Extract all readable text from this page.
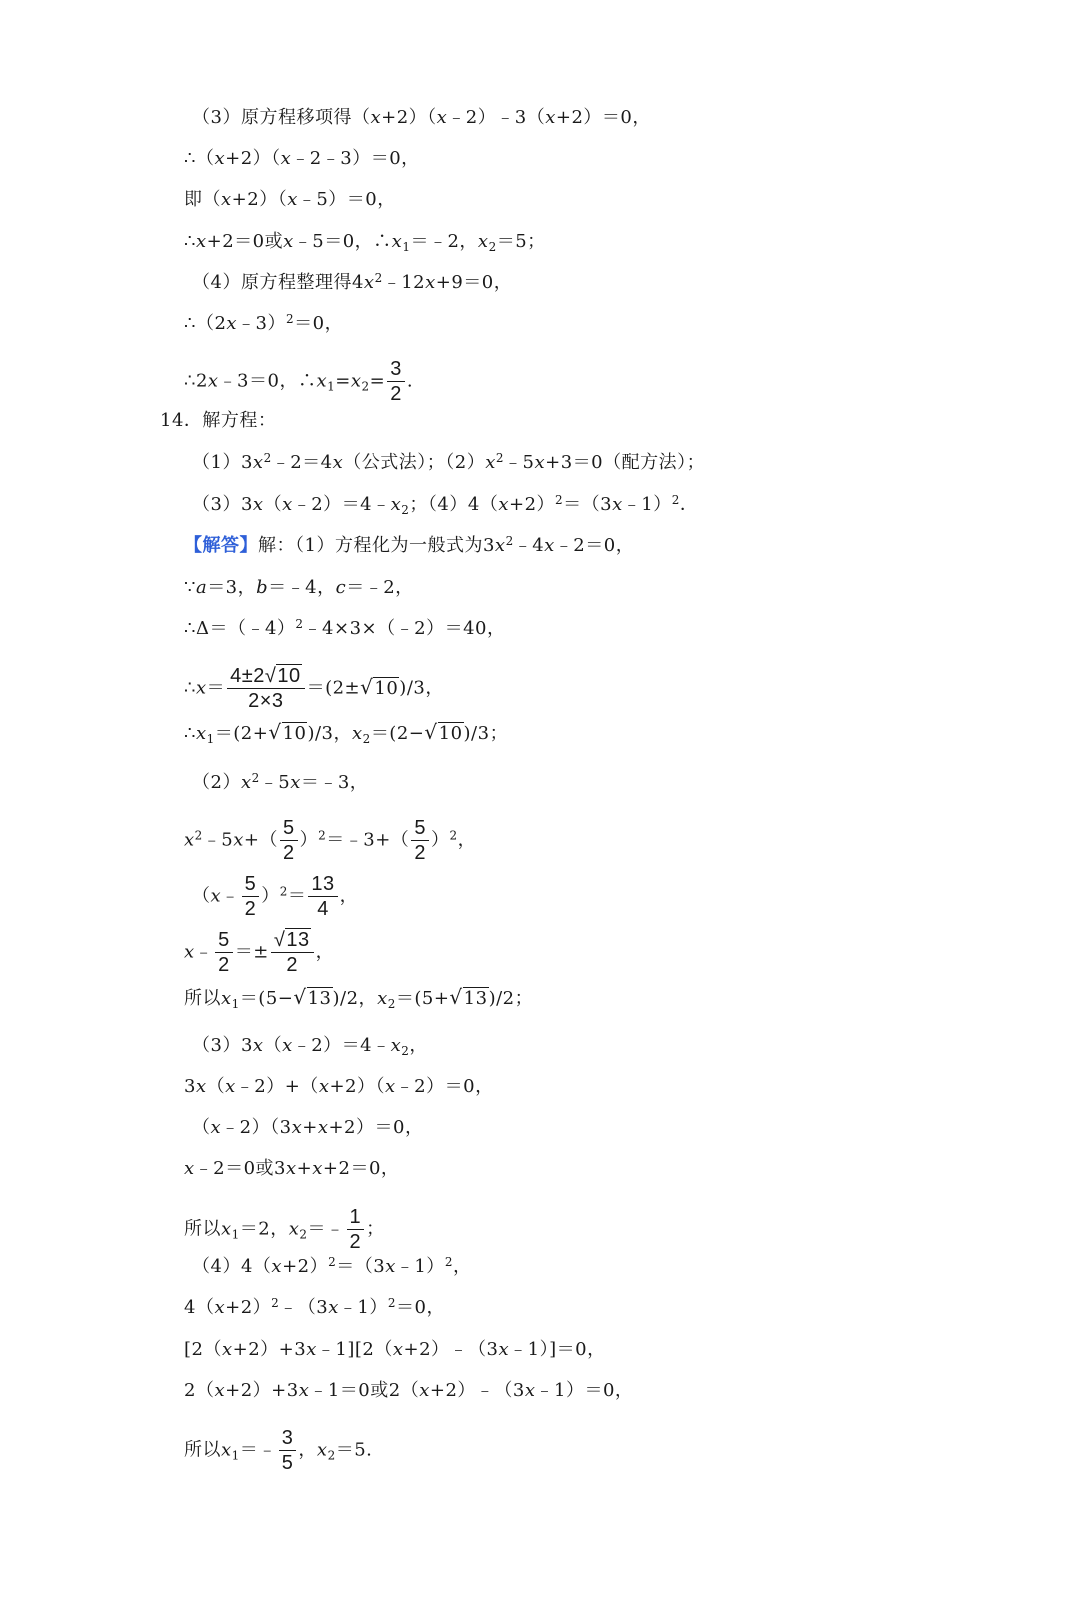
（3）原方程移项得（x+2）（x﹣2）﹣3（x+2）＝0，
∴（x+2）（x﹣2﹣3）＝0，
即（x+2）（x﹣5）＝0，
∴x+2＝0或x﹣5＝0，$\therefore x_1=﹣2$，$x_2=5$；
（4）原方程整理得$4x^2﹣12x+9=0$，
∴（2x﹣3）$^2$＝0，
∴2x﹣3＝0，$\therefore x_1=x_2= \frac{3}{2}$ .
14．解方程：
$(1)3x^2﹣2=4x$（公式法）；$(2)x^2﹣5x+3=0$（配方法）；
$(3)3x(x﹣2)=4﹣x_2$；$(4)4(x+2)^2=(3x﹣1)^2$．
【解答】解：（1）方程化为一般式为$3x^2﹣4x﹣2=0$，
∵a＝3，b＝﹣4，c＝﹣2，
∴Δ＝（﹣4）$^2$﹣4×3×（﹣2）＝40，
∴x＝ $\frac{4\pm 2√10}{2\times 3} =(2\pm√10)/3$，
$\therefore x_1=(2+√10)/3$，$x_2=(2-√10)/3$；
$(2)x^2﹣5x=﹣3$，
$x^2﹣5x+( \frac{5}{2}$ ）$^2$＝﹣3+（ $\frac{5}{2} )^2$，
（x﹣ $\frac{5}{2} )^2= \frac{13}{4}$ ，
x﹣ $\frac{5}{2} =\pm \frac{√13}{2}$ ，
所以$x_1=(5-√13)/2$，$x_2=(5+√13)/2$；
$(3)3x(x﹣2)=4﹣x_2$，
3x（x﹣2）+（x+2）（x﹣2）＝0，
（x﹣2）（3x+x+2）＝0，
x﹣2＝0或3x+x+2＝0，
所以$x_1=2$，$x_2=﹣ \frac{1}{2}$ ；
$(4)4(x+2)^2=(3x﹣1)^2$，
$4(x+2)^2﹣(3x﹣1)^2=0$，
[2（x+2）+3x﹣1][2（x+2）﹣（3x﹣1）]＝0，
2（x+2）+3x﹣1＝0或2（x+2）﹣（3x﹣1）＝0，
所以$x_1=﹣ \frac{3}{5}$ ，$x_2=5$.
